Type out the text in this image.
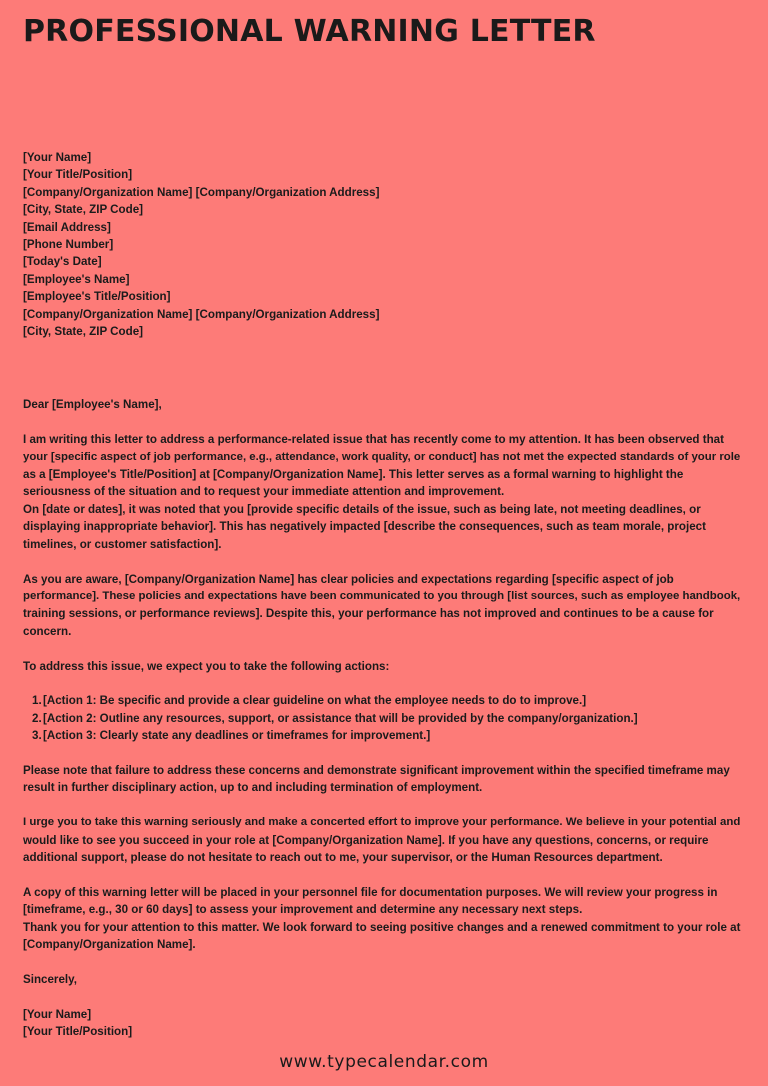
PROFESSIONAL WARNING LETTER
[Your Name]
[Your Title/Position]
[Company/Organization Name] [Company/Organization Address]
[City, State, ZIP Code]
[Email Address]
[Phone Number]
[Today's Date]
[Employee's Name]
[Employee's Title/Position]
[Company/Organization Name] [Company/Organization Address]
[City, State, ZIP Code]

Dear [Employee's Name],

I am writing this letter to address a performance-related issue that has recently come to my attention. It has been observed that
your [specific aspect of job performance, e.g., attendance, work quality, or conduct] has not met the expected standards of your role
as a [Employee's Title/Position] at [Company/Organization Name]. This letter serves as a formal warning to highlight the
seriousness of the situation and to request your immediate attention and improvement.
On [date or dates], it was noted that you [provide specific details of the issue, such as being late, not meeting deadlines, or
displaying inappropriate behavior]. This has negatively impacted [describe the consequences, such as team morale, project
timelines, or customer satisfaction].
As you are aware, [Company/Organization Name] has clear policies and expectations regarding [specific aspect of job
performance]. These policies and expectations have been communicated to you through [list sources, such as employee handbook,
training sessions, or performance reviews]. Despite this, your performance has not improved and continues to be a cause for
concern.

To address this issue, we expect you to take the following actions:

1.[Action 1: Be specific and provide a clear guideline on what the employee needs to do to improve.]
2.[Action 2: Outline any resources, support, or assistance that will be provided by the company/organization.]
3.[Action 3: Clearly state any deadlines or timeframes for improvement.]
Please note that failure to address these concerns and demonstrate significant improvement within the specified timeframe may
result in further disciplinary action, up to and including termination of employment.
I urge you to take this warning seriously and make a concerted effort to improve your performance. We believe in your potential and
would like to see you succeed in your role at [Company/Organization Name]. If you have any questions, concerns, or require
additional support, please do not hesitate to reach out to me, your supervisor, or the Human Resources department.
A copy of this warning letter will be placed in your personnel file for documentation purposes. We will review your progress in
[timeframe, e.g., 30 or 60 days] to assess your improvement and determine any necessary next steps.
Thank you for your attention to this matter. We look forward to seeing positive changes and a renewed commitment to your role at
[Company/Organization Name].

Sincerely,

[Your Name]
[Your Title/Position]
www.typecalendar.com
